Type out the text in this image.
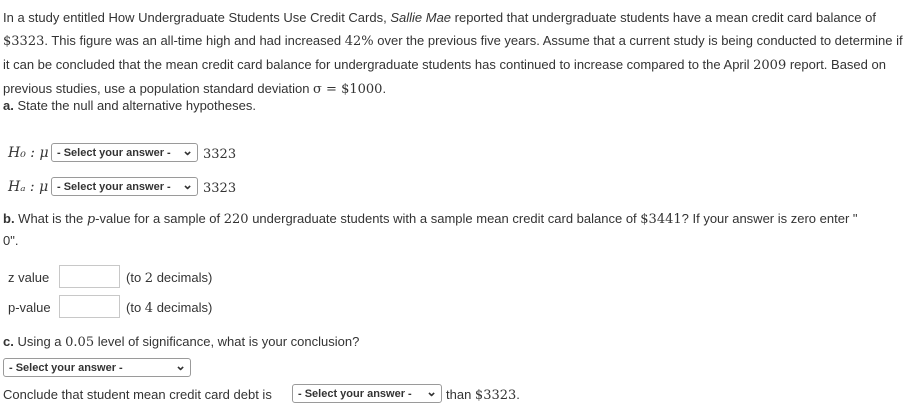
In a study entitled How Undergraduate Students Use Credit Cards, Sallie Mae reported that undergraduate students have a mean credit card balance of $3323. This figure was an all-time high and had increased 42% over the previous five years. Assume that a current study is being conducted to determine if it can be concluded that the mean credit card balance for undergraduate students has continued to increase compared to the April 2009 report. Based on previous studies, use a population standard deviation σ = $1000.
a. State the null and alternative hypotheses.
H₀ : μ - Select your answer - ⌄ 3323
Hₐ : μ - Select your answer - ⌄ 3323
b. What is the p-value for a sample of 220 undergraduate students with a sample mean credit card balance of $3441? If your answer is zero enter "
0".
z value	(to 2 decimals)
p-value	(to 4 decimals)
c. Using a 0.05 level of significance, what is your conclusion?
- Select your answer -	⌄
Conclude that student mean credit card debt is - Select your answer - ⌄ than $3323.
